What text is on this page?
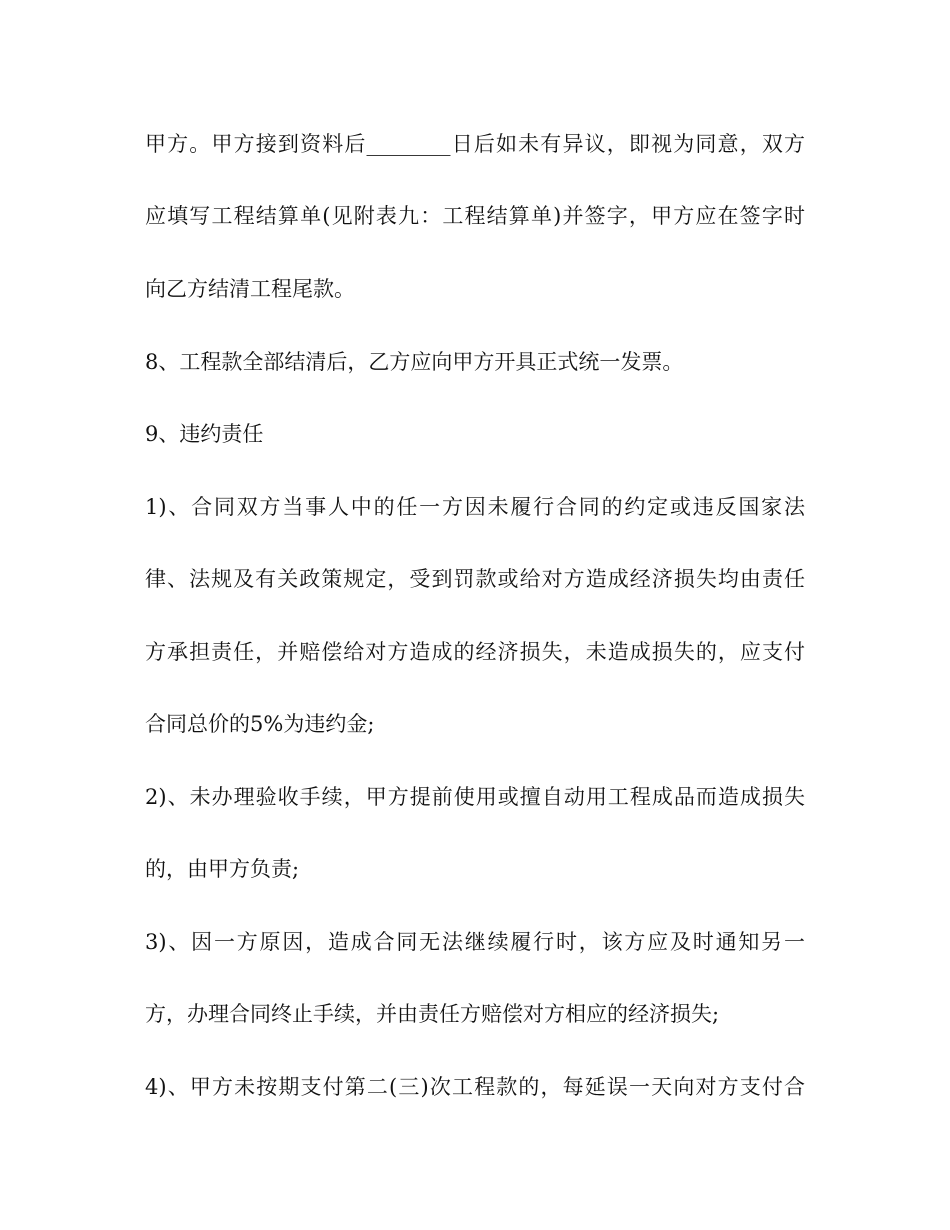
甲方。甲方接到资料后________日后如未有异议，即视为同意，双方
应填写工程结算单(见附表九：工程结算单)并签字，甲方应在签字时
向乙方结清工程尾款。
8、工程款全部结清后，乙方应向甲方开具正式统一发票。
9、违约责任
1)、合同双方当事人中的任一方因未履行合同的约定或违反国家法
律、法规及有关政策规定，受到罚款或给对方造成经济损失均由责任
方承担责任，并赔偿给对方造成的经济损失，未造成损失的，应支付
合同总价的5%为违约金;
2)、未办理验收手续，甲方提前使用或擅自动用工程成品而造成损失
的，由甲方负责;
3)、因一方原因，造成合同无法继续履行时，该方应及时通知另一
方，办理合同终止手续，并由责任方赔偿对方相应的经济损失;
4)、甲方未按期支付第二(三)次工程款的，每延误一天向对方支付合
